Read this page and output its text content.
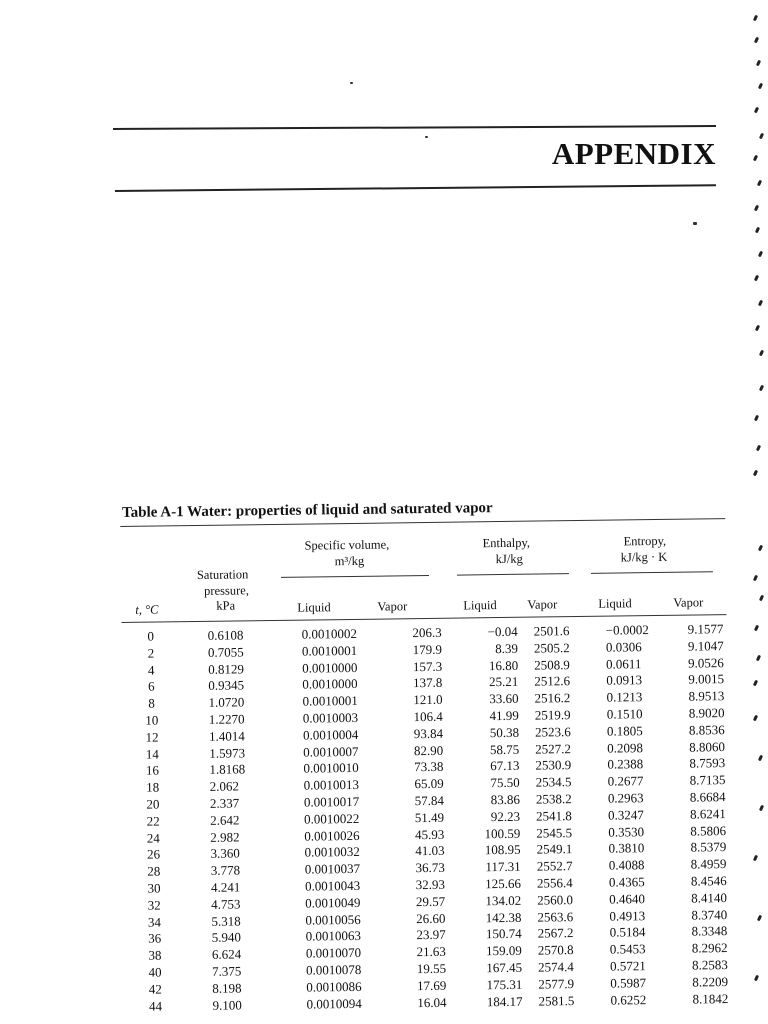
APPENDIX

Table A-1 Water: properties of liquid and saturated vapor

t, °C
Saturation
pressure,
kPa
Specific volume,
m³/kg
Liquid	Vapor
Enthalpy,
kJ/kg
Liquid Vapor
Entropy,
kJ/kg · K
Liquid	Vapor
0	0.6108	0.0010002	206.3	−0.04	2501.6	−0.0002	9.1577
2	0.7055	0.0010001	179.9	8.39	2505.2	0.0306	9.1047
4	0.8129	0.0010000	157.3	16.80	2508.9	0.0611	9.0526
6	0.9345	0.0010000	137.8	25.21	2512.6	0.0913	9.0015
8	1.0720	0.0010001	121.0	33.60	2516.2	0.1213	8.9513
10	1.2270	0.0010003	106.4	41.99	2519.9	0.1510	8.9020
12	1.4014	0.0010004	93.84	50.38	2523.6	0.1805	8.8536
14	1.5973	0.0010007	82.90	58.75	2527.2	0.2098	8.8060
16	1.8168	0.0010010	73.38	67.13	2530.9	0.2388	8.7593
18	2.062	0.0010013	65.09	75.50	2534.5	0.2677	8.7135
20	2.337	0.0010017	57.84	83.86	2538.2	0.2963	8.6684
22	2.642	0.0010022	51.49	92.23	2541.8	0.3247	8.6241
24	2.982	0.0010026	45.93	100.59	2545.5	0.3530	8.5806
26	3.360	0.0010032	41.03	108.95	2549.1	0.3810	8.5379
28	3.778	0.0010037	36.73	117.31	2552.7	0.4088	8.4959
30	4.241	0.0010043	32.93	125.66	2556.4	0.4365	8.4546
32	4.753	0.0010049	29.57	134.02	2560.0	0.4640	8.4140
34	5.318	0.0010056	26.60	142.38	2563.6	0.4913	8.3740
36	5.940	0.0010063	23.97	150.74	2567.2	0.5184	8.3348
38	6.624	0.0010070	21.63	159.09	2570.8	0.5453	8.2962
40	7.375	0.0010078	19.55	167.45	2574.4	0.5721	8.2583
42	8.198	0.0010086	17.69	175.31	2577.9	0.5987	8.2209
44	9.100	0.0010094	16.04	184.17	2581.5	0.6252	8.1842
